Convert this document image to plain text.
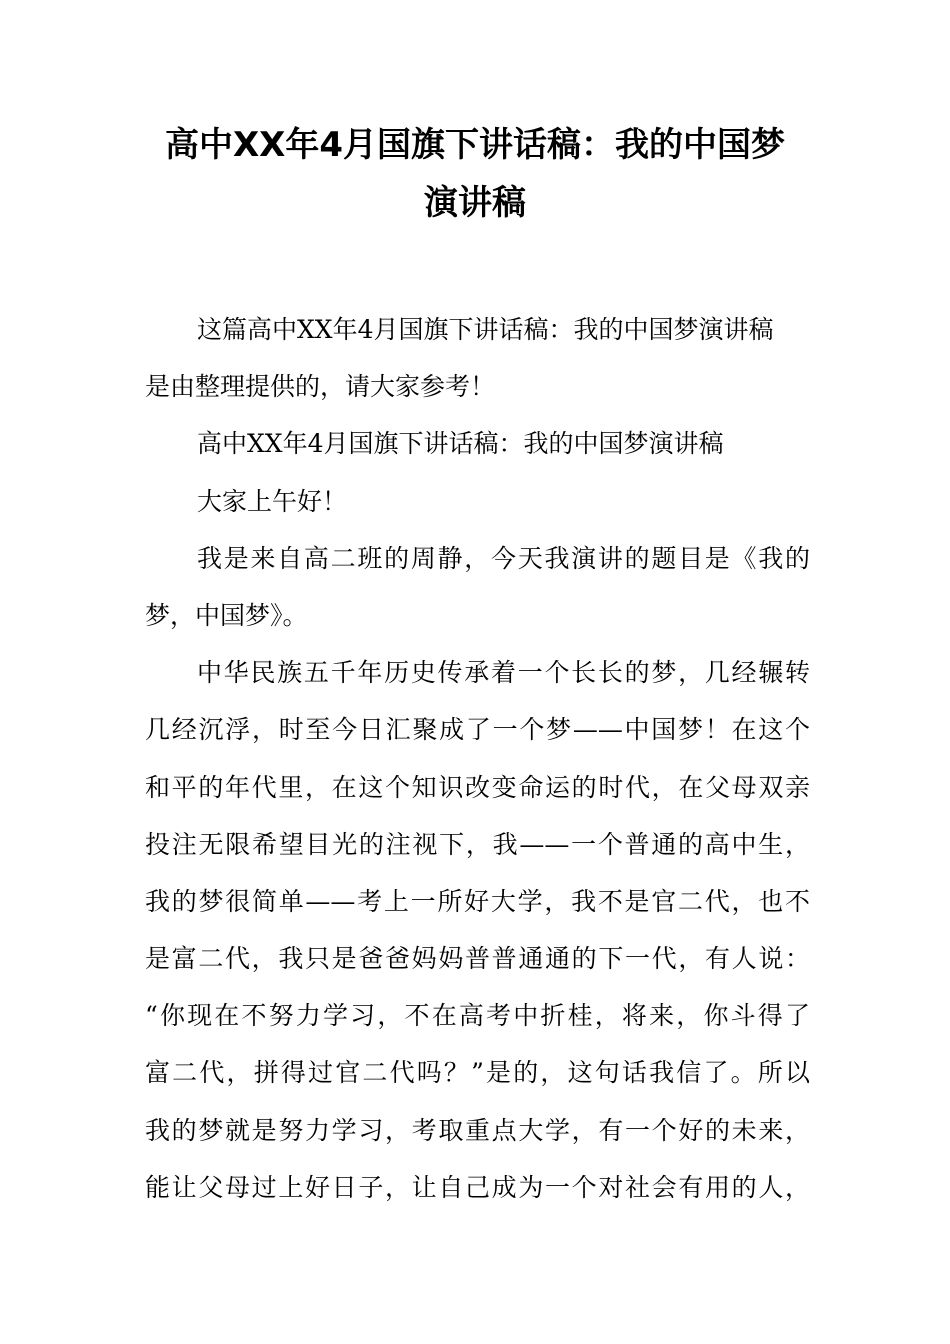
高中XX年4月国旗下讲话稿：我的中国梦
演讲稿
这篇高中XX年4月国旗下讲话稿：我的中国梦演讲稿
是由整理提供的，请大家参考！
高中XX年4月国旗下讲话稿：我的中国梦演讲稿
大家上午好！
我是来自高二班的周静，今天我演讲的题目是《我的
梦，中国梦》。
中华民族五千年历史传承着一个长长的梦，几经辗转
几经沉浮，时至今日汇聚成了一个梦——中国梦！在这个
和平的年代里，在这个知识改变命运的时代，在父母双亲
投注无限希望目光的注视下，我——一个普通的高中生，
我的梦很简单——考上一所好大学，我不是官二代，也不
是富二代，我只是爸爸妈妈普普通通的下一代，有人说：
“你现在不努力学习，不在高考中折桂，将来，你斗得了
富二代，拼得过官二代吗？”是的，这句话我信了。所以
我的梦就是努力学习，考取重点大学，有一个好的未来，
能让父母过上好日子，让自己成为一个对社会有用的人，
